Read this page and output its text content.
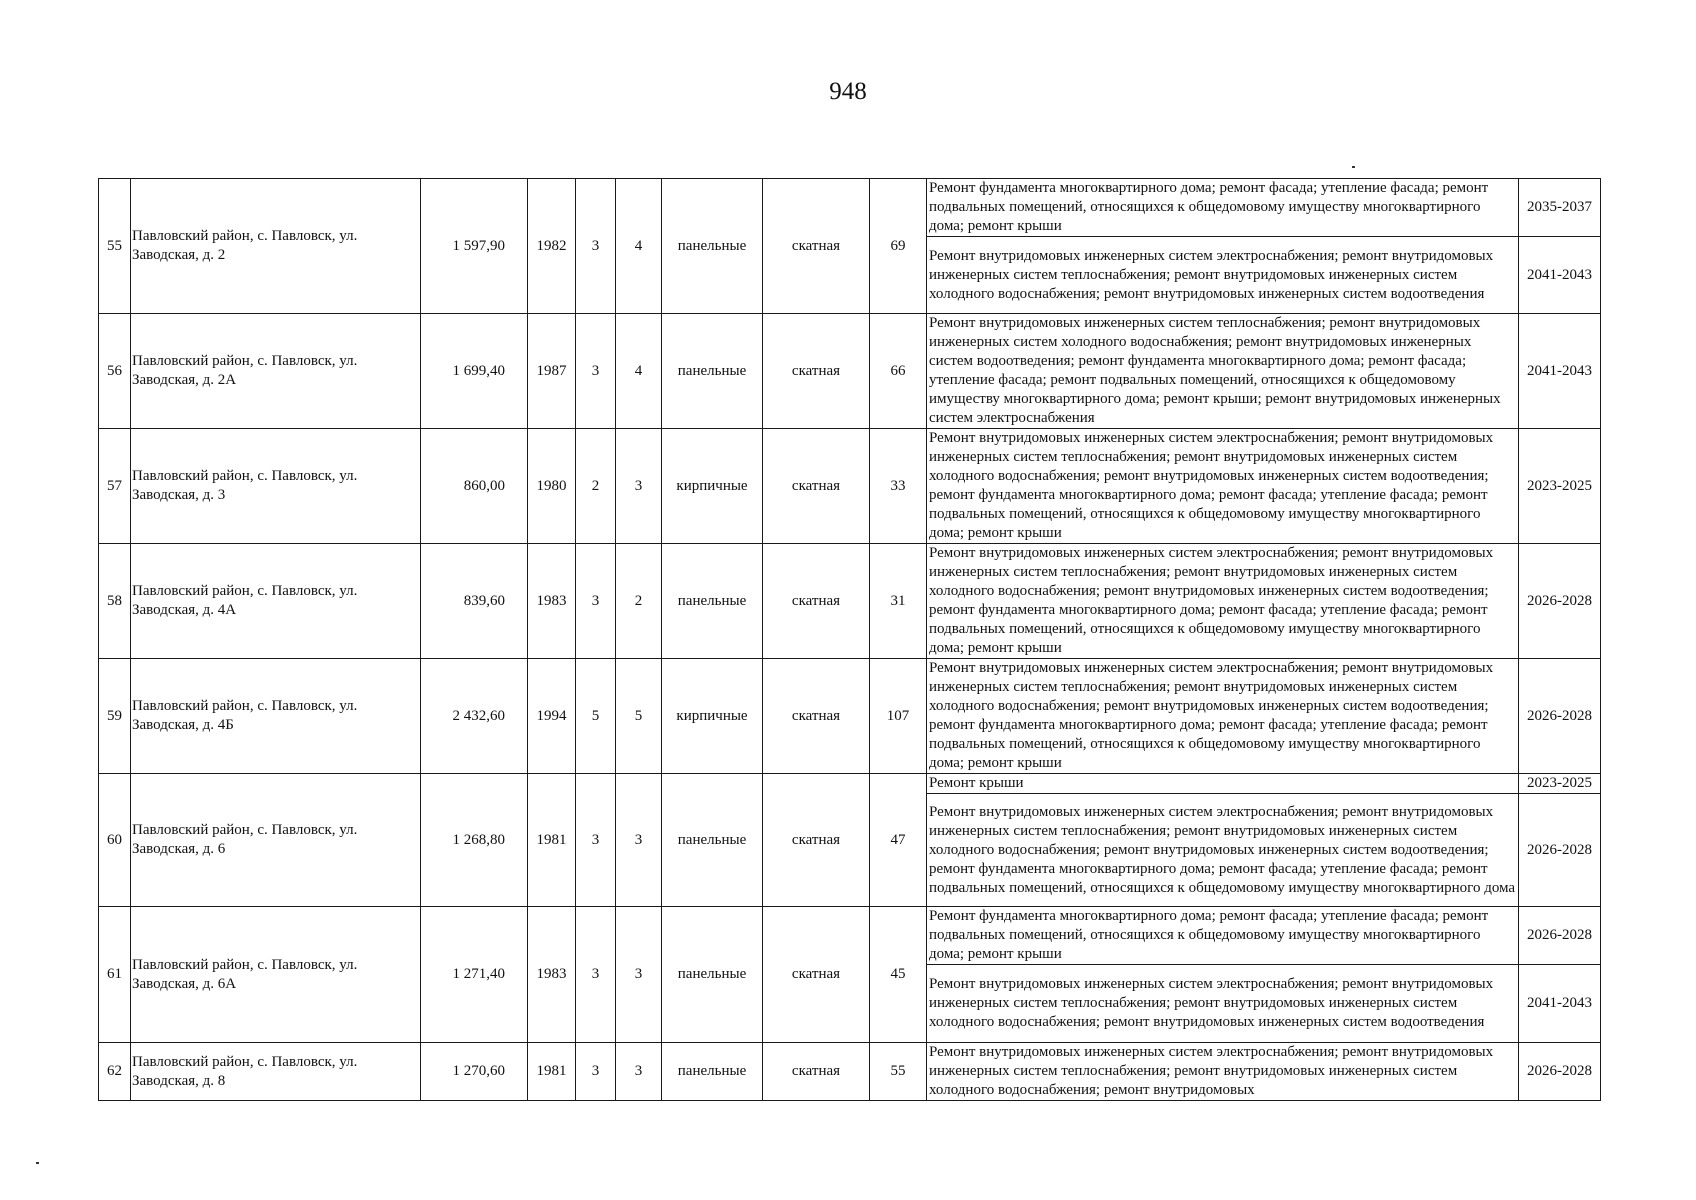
948
55	Павловский район, с. Павловск, ул. Заводская, д. 2	1 597,90	1982	3	4	панельные	скатная	69	Ремонт фундамента многоквартирного дома; ремонт фасада; утепление фасада; ремонт подвальных помещений, относящихся к общедомовому имуществу многоквартирного дома; ремонт крыши	2035-2037
									Ремонт внутридомовых инженерных систем электроснабжения; ремонт внутридомовых инженерных систем теплоснабжения; ремонт внутридомовых инженерных систем холодного водоснабжения; ремонт внутридомовых инженерных систем водоотведения	2041-2043
56	Павловский район, с. Павловск, ул. Заводская, д. 2А	1 699,40	1987	3	4	панельные	скатная	66	Ремонт внутридомовых инженерных систем теплоснабжения; ремонт внутридомовых инженерных систем холодного водоснабжения; ремонт внутридомовых инженерных систем водоотведения; ремонт фундамента многоквартирного дома; ремонт фасада; утепление фасада; ремонт подвальных помещений, относящихся к общедомовому имуществу многоквартирного дома; ремонт крыши; ремонт внутридомовых инженерных систем электроснабжения	2041-2043
57	Павловский район, с. Павловск, ул. Заводская, д. 3	860,00	1980	2	3	кирпичные	скатная	33	Ремонт внутридомовых инженерных систем электроснабжения; ремонт внутридомовых инженерных систем теплоснабжения; ремонт внутридомовых инженерных систем холодного водоснабжения; ремонт внутридомовых инженерных систем водоотведения; ремонт фундамента многоквартирного дома; ремонт фасада; утепление фасада; ремонт подвальных помещений, относящихся к общедомовому имуществу многоквартирного дома; ремонт крыши	2023-2025
58	Павловский район, с. Павловск, ул. Заводская, д. 4А	839,60	1983	3	2	панельные	скатная	31	Ремонт внутридомовых инженерных систем электроснабжения; ремонт внутридомовых инженерных систем теплоснабжения; ремонт внутридомовых инженерных систем холодного водоснабжения; ремонт внутридомовых инженерных систем водоотведения; ремонт фундамента многоквартирного дома; ремонт фасада; утепление фасада; ремонт подвальных помещений, относящихся к общедомовому имуществу многоквартирного дома; ремонт крыши	2026-2028
59	Павловский район, с. Павловск, ул. Заводская, д. 4Б	2 432,60	1994	5	5	кирпичные	скатная	107	Ремонт внутридомовых инженерных систем электроснабжения; ремонт внутридомовых инженерных систем теплоснабжения; ремонт внутридомовых инженерных систем холодного водоснабжения; ремонт внутридомовых инженерных систем водоотведения; ремонт фундамента многоквартирного дома; ремонт фасада; утепление фасада; ремонт подвальных помещений, относящихся к общедомовому имуществу многоквартирного дома; ремонт крыши	2026-2028
60	Павловский район, с. Павловск, ул. Заводская, д. 6	1 268,80	1981	3	3	панельные	скатная	47	Ремонт крыши	2023-2025
									Ремонт внутридомовых инженерных систем электроснабжения; ремонт внутридомовых инженерных систем теплоснабжения; ремонт внутридомовых инженерных систем холодного водоснабжения; ремонт внутридомовых инженерных систем водоотведения; ремонт фундамента многоквартирного дома; ремонт фасада; утепление фасада; ремонт подвальных помещений, относящихся к общедомовому имуществу многоквартирного дома	2026-2028
61	Павловский район, с. Павловск, ул. Заводская, д. 6А	1 271,40	1983	3	3	панельные	скатная	45	Ремонт фундамента многоквартирного дома; ремонт фасада; утепление фасада; ремонт подвальных помещений, относящихся к общедомовому имуществу многоквартирного дома; ремонт крыши	2026-2028
									Ремонт внутридомовых инженерных систем электроснабжения; ремонт внутридомовых инженерных систем теплоснабжения; ремонт внутридомовых инженерных систем холодного водоснабжения; ремонт внутридомовых инженерных систем водоотведения	2041-2043
62	Павловский район, с. Павловск, ул. Заводская, д. 8	1 270,60	1981	3	3	панельные	скатная	55	Ремонт внутридомовых инженерных систем электроснабжения; ремонт внутридомовых инженерных систем теплоснабжения; ремонт внутридомовых инженерных систем холодного водоснабжения; ремонт внутридомовых	2026-2028
